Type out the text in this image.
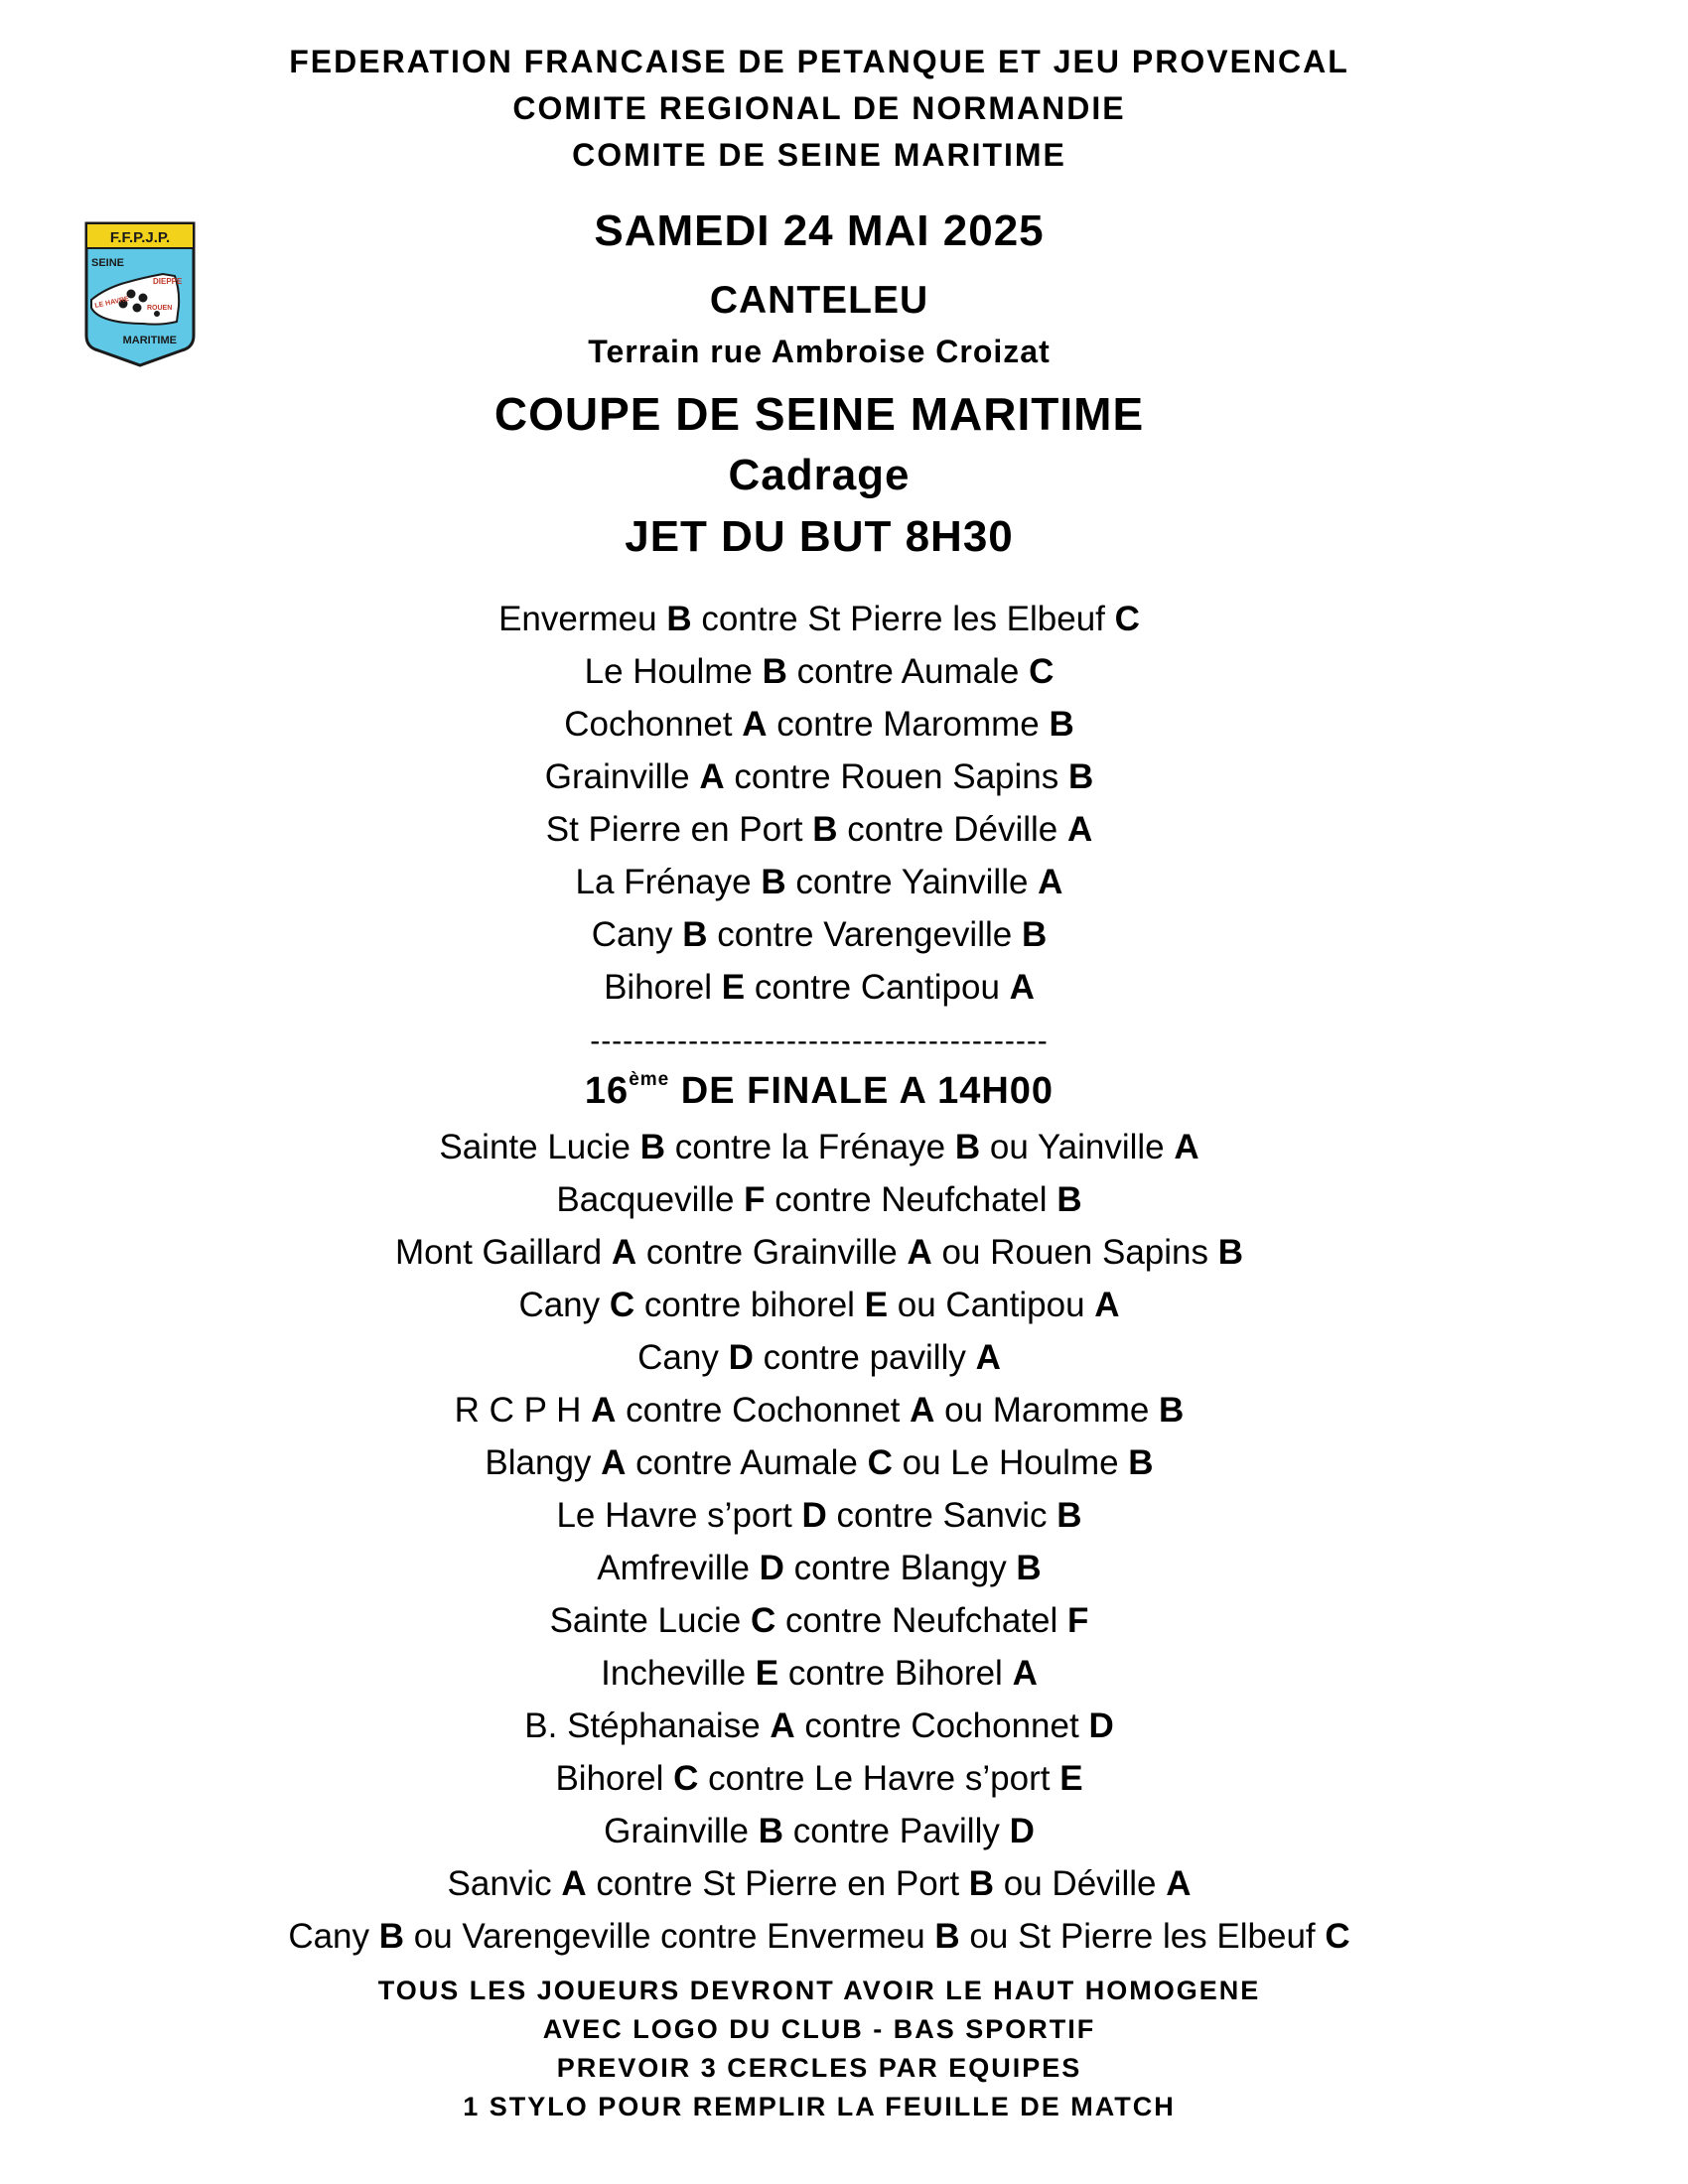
F.F.P.J.P.
SEINE
DIEPPE
LE HAVRE ROUEN
MARITIME
FEDERATION FRANCAISE DE PETANQUE ET JEU PROVENCAL
COMITE REGIONAL DE NORMANDIE
COMITE DE SEINE MARITIME
SAMEDI 24 MAI 2025
CANTELEU
Terrain rue Ambroise Croizat
COUPE DE SEINE MARITIME
Cadrage
JET DU BUT 8H30
Envermeu B contre St Pierre les Elbeuf C
Le Houlme B contre Aumale C
Cochonnet A contre Maromme B
Grainville A contre Rouen Sapins B
St Pierre en Port B contre Déville A
La Frénaye B contre Yainville A
Cany B contre Varengeville B
Bihorel E contre Cantipou A
------------------------------------------
16ème DE FINALE A 14H00
Sainte Lucie B contre la Frénaye B ou Yainville A
Bacqueville F contre Neufchatel B
Mont Gaillard A contre Grainville A ou Rouen Sapins B
Cany C contre bihorel E ou Cantipou A
Cany D contre pavilly A
R C P H A contre Cochonnet A ou Maromme B
Blangy A contre Aumale C ou Le Houlme B
Le Havre s’port D contre Sanvic B
Amfreville D contre Blangy B
Sainte Lucie C contre Neufchatel F
Incheville E contre Bihorel A
B. Stéphanaise A contre Cochonnet D
Bihorel C contre Le Havre s’port E
Grainville B contre Pavilly D
Sanvic A contre St Pierre en Port B ou Déville A
Cany B ou Varengeville contre Envermeu B ou St Pierre les Elbeuf C
TOUS LES JOUEURS DEVRONT AVOIR LE HAUT HOMOGENE
AVEC LOGO DU CLUB - BAS SPORTIF
PREVOIR 3 CERCLES PAR EQUIPES
1 STYLO POUR REMPLIR LA FEUILLE DE MATCH
